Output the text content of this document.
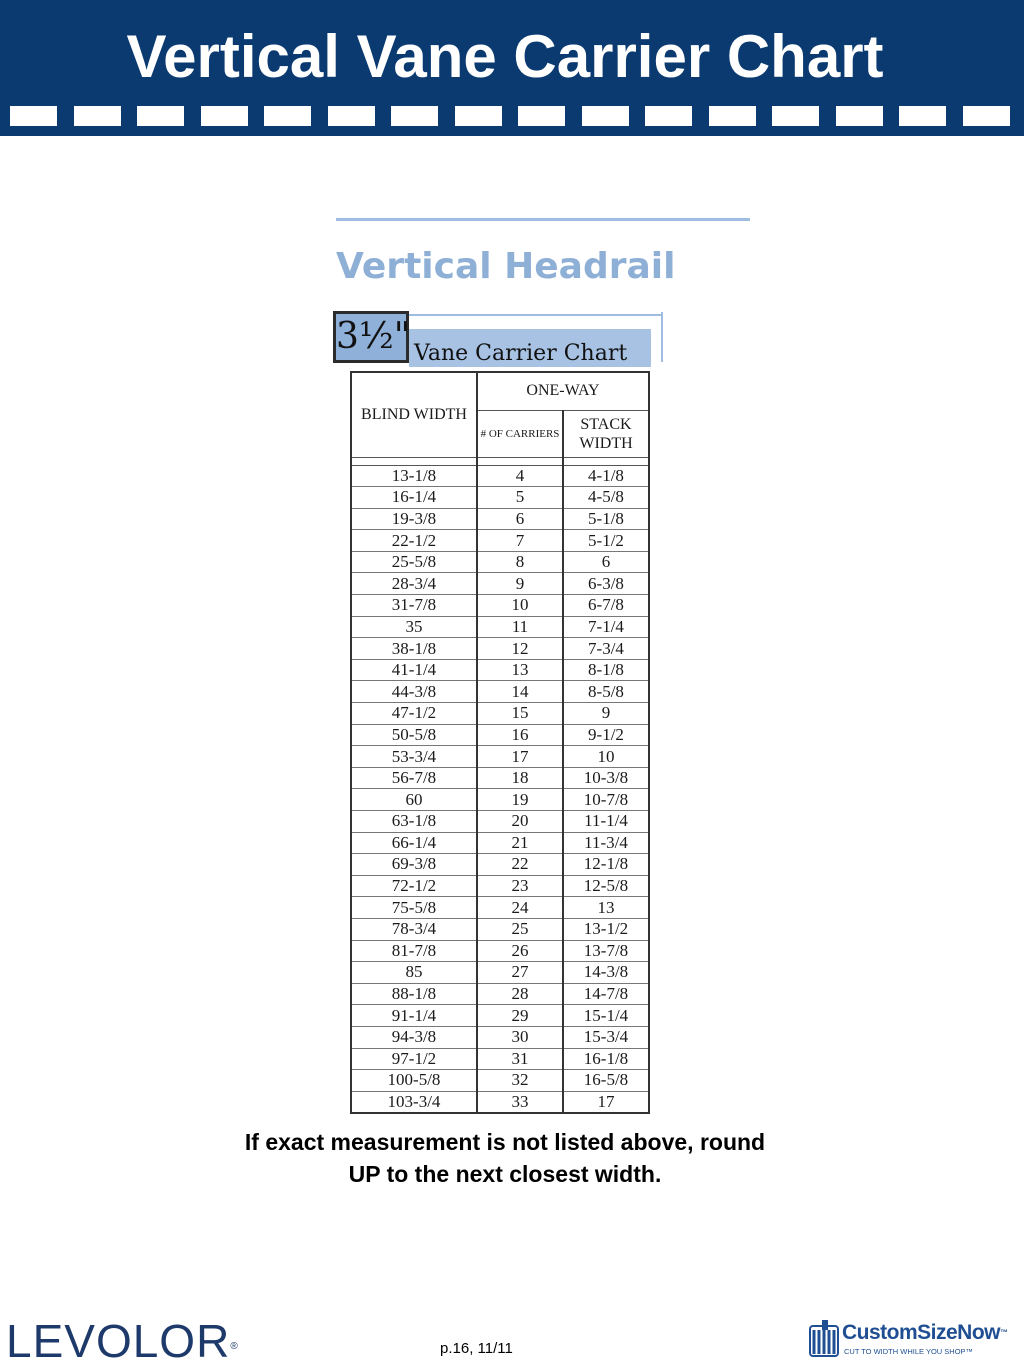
Vertical Vane Carrier Chart
Vertical Headrail
3½" Vane Carrier Chart
BLIND WIDTH	ONE-WAY	
	# OF CARRIERS	STACK WIDTH

13-1/8	4	4-1/8
16-1/4	5	4-5/8
19-3/8	6	5-1/8
22-1/2	7	5-1/2
25-5/8	8	6
28-3/4	9	6-3/8
31-7/8	10	6-7/8
35	11	7-1/4
38-1/8	12	7-3/4
41-1/4	13	8-1/8
44-3/8	14	8-5/8
47-1/2	15	9
50-5/8	16	9-1/2
53-3/4	17	10
56-7/8	18	10-3/8
60	19	10-7/8
63-1/8	20	11-1/4
66-1/4	21	11-3/4
69-3/8	22	12-1/8
72-1/2	23	12-5/8
75-5/8	24	13
78-3/4	25	13-1/2
81-7/8	26	13-7/8
85	27	14-3/8
88-1/8	28	14-7/8
91-1/4	29	15-1/4
94-3/8	30	15-3/4
97-1/2	31	16-1/8
100-5/8	32	16-5/8
103-3/4	33	17
If exact measurement is not listed above, round
UP to the next closest width.
LEVOLOR®	p.16, 11/11
CustomSizeNow™
CUT TO WIDTH WHILE YOU SHOP™
